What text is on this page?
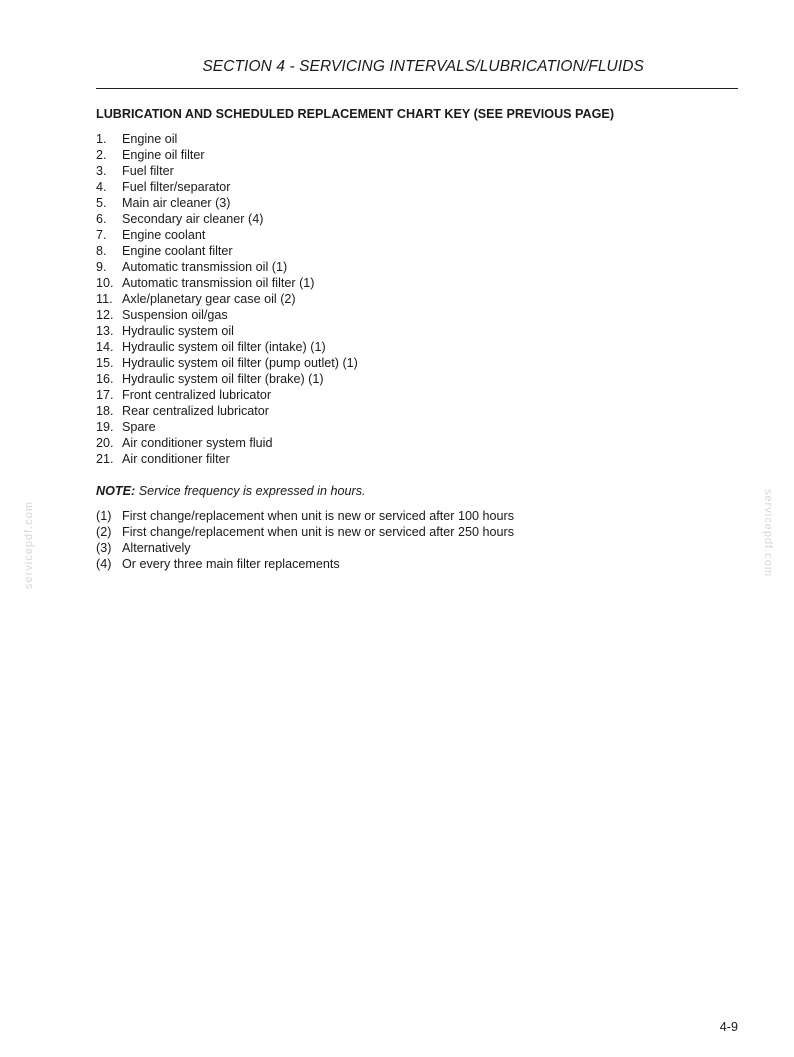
SECTION 4 - SERVICING INTERVALS/LUBRICATION/FLUIDS
LUBRICATION AND SCHEDULED REPLACEMENT CHART KEY (SEE PREVIOUS PAGE)
1.	Engine oil
2.	Engine oil filter
3.	Fuel filter
4.	Fuel filter/separator
5.	Main air cleaner (3)
6.	Secondary air cleaner (4)
7.	Engine coolant
8.	Engine coolant filter
9.	Automatic transmission oil (1)
10. Automatic transmission oil filter (1)
11. Axle/planetary gear case oil (2)
12. Suspension oil/gas
13. Hydraulic system oil
14. Hydraulic system oil filter (intake) (1)
15. Hydraulic system oil filter (pump outlet) (1)
16. Hydraulic system oil filter (brake) (1)
17. Front centralized lubricator
18. Rear centralized lubricator
19. Spare
20. Air conditioner system fluid
21. Air conditioner filter
NOTE: Service frequency is expressed in hours.
(1) First change/replacement when unit is new or serviced after 100 hours
(2) First change/replacement when unit is new or serviced after 250 hours
(3) Alternatively
(4) Or every three main filter replacements
servicepdf.com	servicepdf.com
4-9
